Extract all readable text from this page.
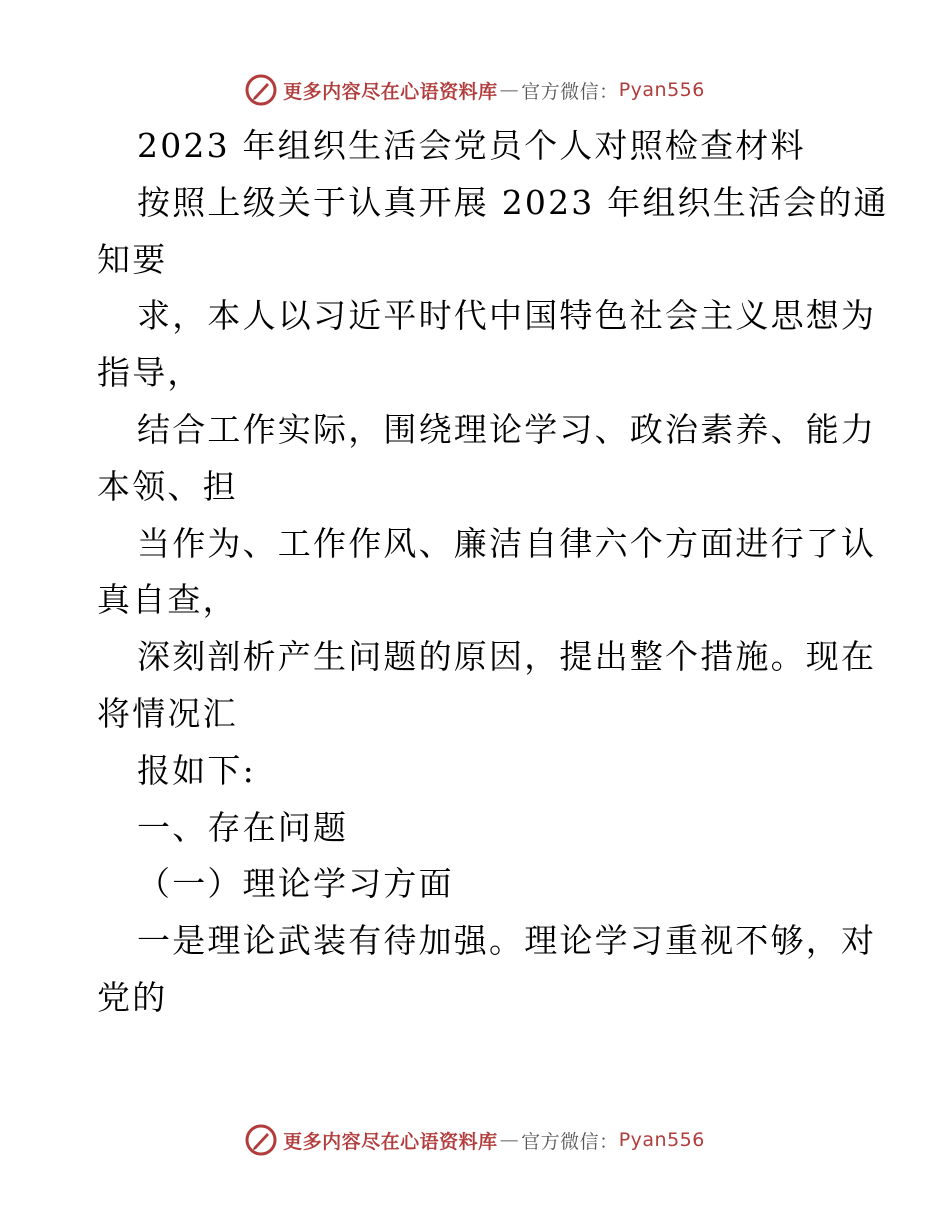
更多内容尽在心语资料库 — 官方微信： Pyan556
2023 年组织生活会党员个人对照检查材料
按照上级关于认真开展 2023 年组织生活会的通
知要
求，本人以习近平时代中国特色社会主义思想为
指导，
结合工作实际，围绕理论学习、政治素养、能力
本领、担
当作为、工作作风、廉洁自律六个方面进行了认
真自查，
深刻剖析产生问题的原因，提出整个措施。现在
将情况汇
报如下:
一、存在问题
（一）理论学习方面
一是理论武装有待加强。理论学习重视不够，对
党的
更多内容尽在心语资料库 — 官方微信： Pyan556
